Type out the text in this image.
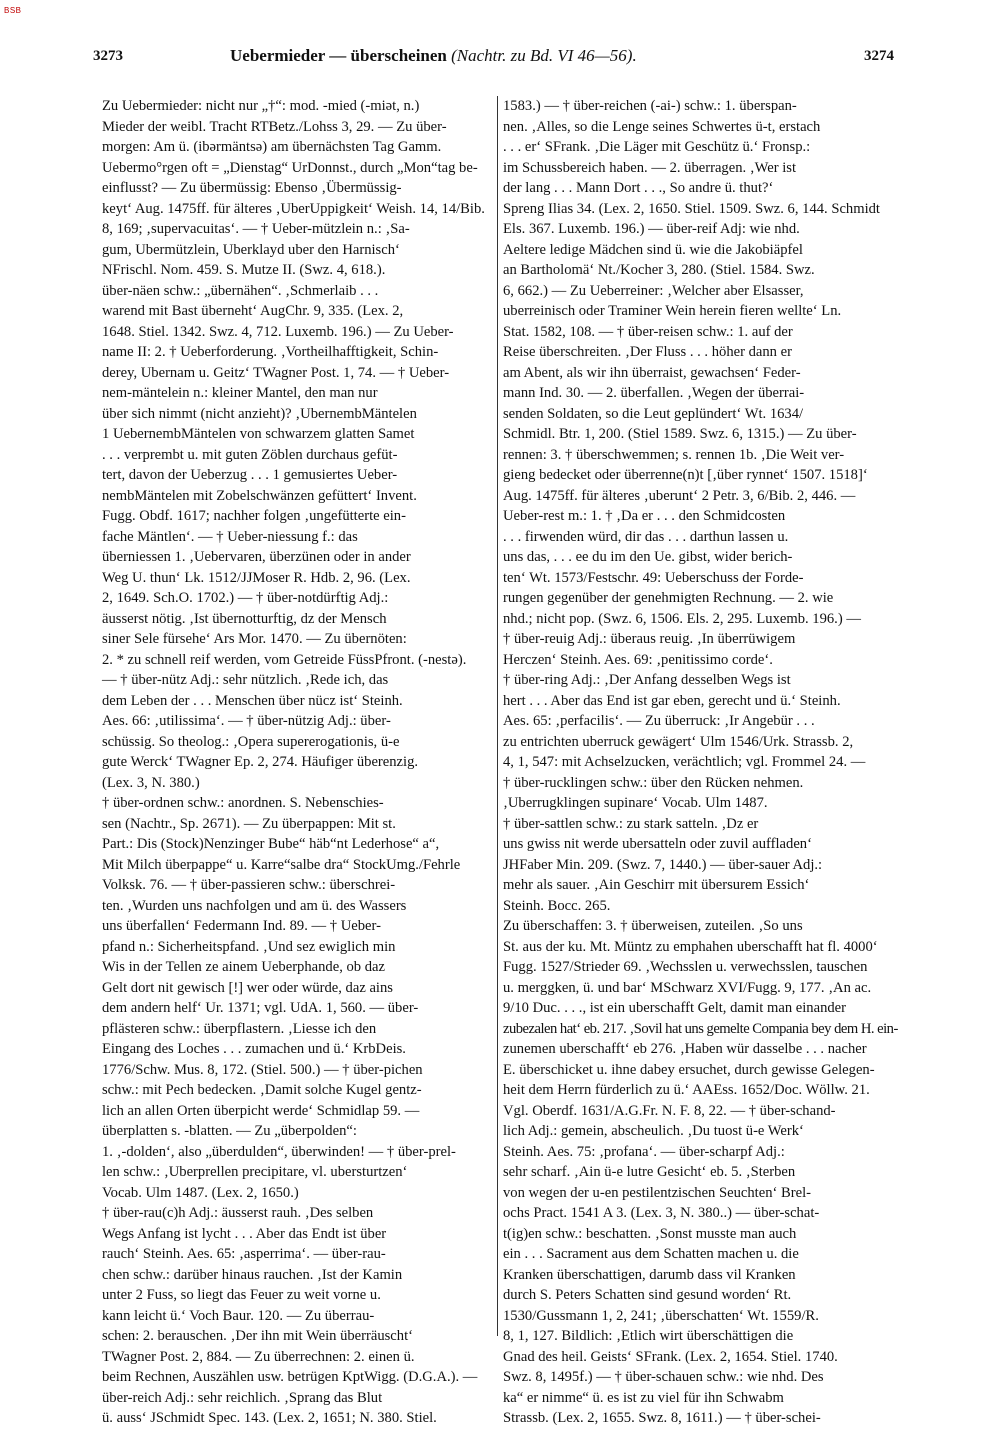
BSB
3273	Uebermieder — überscheinen (Nachtr. zu Bd. VI 46—56).	3274
Zu Uebermieder: nicht nur „†“: mod. -mied (-miət, n.)
Mieder der weibl. Tracht RTBetz./Lohss 3, 29. — Zu über-
morgen: Am ü. (ibərmäntsə) am übernächsten Tag Gamm.
Uebermo°rgen oft = „Dienstag“ UrDonnst., durch „Mon“tag be-
einflusst? — Zu übermüssig: Ebenso ‚Übermüssig-
keyt‘ Aug. 1475ff. für älteres ‚UberUppigkeit‘ Weish. 14, 14/Bib.
8, 169; ‚supervacuitas‘. — † Ueber-mützlein n.: ‚Sa-
gum, Ubermützlein, Uberklayd uber den Harnisch‘
NFrischl. Nom. 459. S. Mutze II. (Swz. 4, 618.).
über-näen schw.: „übernähen“. ‚Schmerlaib . . .
warend mit Bast überneht‘ AugChr. 9, 335. (Lex. 2,
1648. Stiel. 1342. Swz. 4, 712. Luxemb. 196.) — Zu Ueber-
name II: 2. † Ueberforderung. ‚Vortheilhafftigkeit, Schin-
derey, Ubernam u. Geitz‘ TWagner Post. 1, 74. — † Ueber-
nem-mäntelein n.: kleiner Mantel, den man nur
über sich nimmt (nicht anzieht)? ‚UbernembMäntelen
1 UebernembMäntelen von schwarzem glatten Samet
. . . verprembt u. mit guten Zöblen durchaus gefüt-
tert, davon der Ueberzug . . . 1 gemusiertes Ueber-
nembMäntelen mit Zobelschwänzen gefüttert‘ Invent.
Fugg. Obdf. 1617; nachher folgen ‚ungefütterte ein-
fache Mäntlen‘. — † Ueber-niessung f.: das
überniessen 1. ‚Uebervaren, überzünen oder in ander
Weg U. thun‘ Lk. 1512/JJMoser R. Hdb. 2, 96. (Lex.
2, 1649. Sch.O. 1702.) — † über-notdürftig Adj.:
äusserst nötig. ‚Ist übernotturftig, dz der Mensch
siner Sele fürsehe‘ Ars Mor. 1470. — Zu übernöten:
2. * zu schnell reif werden, vom Getreide FüssPfront. (-nestə).
— † über-nütz Adj.: sehr nützlich. ‚Rede ich, das
dem Leben der . . . Menschen über nücz ist‘ Steinh.
Aes. 66: ‚utilissima‘. — † über-nützig Adj.: über-
schüssig. So theolog.: ‚Opera supererogationis, ü-e
gute Werck‘ TWagner Ep. 2, 274. Häufiger überenzig.
(Lex. 3, N. 380.)
† über-ordnen schw.: anordnen. S. Nebenschies-
sen (Nachtr., Sp. 2671). — Zu überpappen: Mit st.
Part.: Dis (Stock)Nenzinger Bube“ häb“nt Lederhose“ a“,
Mit Milch überpappe“ u. Karre“salbe dra“ StockUmg./Fehrle
Volksk. 76. — † über-passieren schw.: überschrei-
ten. ‚Wurden uns nachfolgen und am ü. des Wassers
uns überfallen‘ Federmann Ind. 89. — † Ueber-
pfand n.: Sicherheitspfand. ‚Und sez ewiglich min
Wis in der Tellen ze ainem Ueberphande, ob daz
Gelt dort nit gewisch [!] wer oder würde, daz ains
dem andern helf‘ Ur. 1371; vgl. UdA. 1, 560. — über-
pflästeren schw.: überpflastern. ‚Liesse ich den
Eingang des Loches . . . zumachen und ü.‘ KrbDeis.
1776/Schw. Mus. 8, 172. (Stiel. 500.) — † über-pichen
schw.: mit Pech bedecken. ‚Damit solche Kugel gentz-
lich an allen Orten überpicht werde‘ Schmidlap 59. —
überplatten s. -blatten. — Zu „überpolden“:
1. ‚-dolden‘, also „überdulden“, überwinden! — † über-prel-
len schw.: ‚Uberprellen precipitare, vl. ubersturtzen‘
Vocab. Ulm 1487. (Lex. 2, 1650.)
† über-rau(c)h Adj.: äusserst rauh. ‚Des selben
Wegs Anfang ist lycht . . . Aber das Endt ist über
rauch‘ Steinh. Aes. 65: ‚asperrima‘. — über-rau-
chen schw.: darüber hinaus rauchen. ‚Ist der Kamin
unter 2 Fuss, so liegt das Feuer zu weit vorne u.
kann leicht ü.‘ Voch Baur. 120. — Zu überrau-
schen: 2. berauschen. ‚Der ihn mit Wein überräuscht‘
TWagner Post. 2, 884. — Zu überrechnen: 2. einen ü.
beim Rechnen, Auszählen usw. betrügen KptWigg. (D.G.A.). —
über-reich Adj.: sehr reichlich. ‚Sprang das Blut
ü. auss‘ JSchmidt Spec. 143. (Lex. 2, 1651; N. 380. Stiel.
1583.) — † über-reichen (-ai-) schw.: 1. überspan-
nen. ‚Alles, so die Lenge seines Schwertes ü-t, erstach
. . . er‘ SFrank. ‚Die Läger mit Geschütz ü.‘ Fronsp.:
im Schussbereich haben. — 2. überragen. ‚Wer ist
der lang . . . Mann Dort . . ., So andre ü. thut?‘
Spreng Ilias 34. (Lex. 2, 1650. Stiel. 1509. Swz. 6, 144. Schmidt
Els. 367. Luxemb. 196.) — über-reif Adj: wie nhd.
Aeltere ledige Mädchen sind ü. wie die Jakobiäpfel
an Bartholomä‘ Nt./Kocher 3, 280. (Stiel. 1584. Swz.
6, 662.) — Zu Ueberreiner: ‚Welcher aber Elsasser,
uberreinisch oder Traminer Wein herein fieren wellte‘ Ln.
Stat. 1582, 108. — † über-reisen schw.: 1. auf der
Reise überschreiten. ‚Der Fluss . . . höher dann er
am Abent, als wir ihn überraist, gewachsen‘ Feder-
mann Ind. 30. — 2. überfallen. ‚Wegen der überrai-
senden Soldaten, so die Leut geplündert‘ Wt. 1634/
Schmidl. Btr. 1, 200. (Stiel 1589. Swz. 6, 1315.) — Zu über-
rennen: 3. † überschwemmen; s. rennen 1b. ‚Die Weit ver-
gieng bedecket oder überrenne(n)t [‚über rynnet‘ 1507. 1518]‘
Aug. 1475ff. für älteres ‚uberunt‘ 2 Petr. 3, 6/Bib. 2, 446. —
Ueber-rest m.: 1. † ‚Da er . . . den Schmidcosten
. . . firwenden würd, dir das . . . darthun lassen u.
uns das, . . . ee du im den Ue. gibst, wider berich-
ten‘ Wt. 1573/Festschr. 49: Ueberschuss der Forde-
rungen gegenüber der genehmigten Rechnung. — 2. wie
nhd.; nicht pop. (Swz. 6, 1506. Els. 2, 295. Luxemb. 196.) —
† über-reuig Adj.: überaus reuig. ‚In überrüwigem
Herczen‘ Steinh. Aes. 69: ‚penitissimo corde‘.
† über-ring Adj.: ‚Der Anfang desselben Wegs ist
hert . . . Aber das End ist gar eben, gerecht und ü.‘ Steinh.
Aes. 65: ‚perfacilis‘. — Zu überruck: ‚Ir Angebür . . .
zu entrichten uberruck gewägert‘ Ulm 1546/Urk. Strassb. 2,
4, 1, 547: mit Achselzucken, verächtlich; vgl. Frommel 24. —
† über-rucklingen schw.: über den Rücken nehmen.
‚Uberrugklingen supinare‘ Vocab. Ulm 1487.
† über-sattlen schw.: zu stark satteln. ‚Dz er
uns gwiss nit werde ubersatteln oder zuvil auffladen‘
JHFaber Min. 209. (Swz. 7, 1440.) — über-sauer Adj.:
mehr als sauer. ‚Ain Geschirr mit übersurem Essich‘
Steinh. Bocc. 265.
Zu überschaffen: 3. † überweisen, zuteilen. ‚So uns
St. aus der ku. Mt. Müntz zu emphahen uberschafft hat fl. 4000‘
Fugg. 1527/Strieder 69. ‚Wechsslen u. verwechsslen, tauschen
u. merggken, ü. und bar‘ MSchwarz XVI/Fugg. 9, 177. ‚An ac.
9/10 Duc. . . ., ist ein uberschafft Gelt, damit man einander
zubezalen hat‘ eb. 217. ‚Sovil hat uns gemelte Compania bey dem H. ein-
zunemen uberschafft‘ eb 276. ‚Haben wür dasselbe . . . nacher
E. überschicket u. ihne dabey ersuchet, durch gewisse Gelegen-
heit dem Herrn fürderlich zu ü.‘ AAEss. 1652/Doc. Wöllw. 21.
Vgl. Oberdf. 1631/A.G.Fr. N. F. 8, 22. — † über-schand-
lich Adj.: gemein, abscheulich. ‚Du tuost ü-e Werk‘
Steinh. Aes. 75: ‚profana‘. — über-scharpf Adj.:
sehr scharf. ‚Ain ü-e lutre Gesicht‘ eb. 5. ‚Sterben
von wegen der u-en pestilentzischen Seuchten‘ Brel-
ochs Pract. 1541 A 3. (Lex. 3, N. 380..) — über-schat-
t(ig)en schw.: beschatten. ‚Sonst musste man auch
ein . . . Sacrament aus dem Schatten machen u. die
Kranken überschattigen, darumb dass vil Kranken
durch S. Peters Schatten sind gesund worden‘ Rt.
1530/Gussmann 1, 2, 241; ‚überschatten‘ Wt. 1559/R.
8, 1, 127. Bildlich: ‚Etlich wirt überschättigen die
Gnad des heil. Geists‘ SFrank. (Lex. 2, 1654. Stiel. 1740.
Swz. 8, 1495f.) — † über-schauen schw.: wie nhd. Des
ka“ er nimme“ ü. es ist zu viel für ihn Schwabm
Strassb. (Lex. 2, 1655. Swz. 8, 1611.) — † über-schei-
